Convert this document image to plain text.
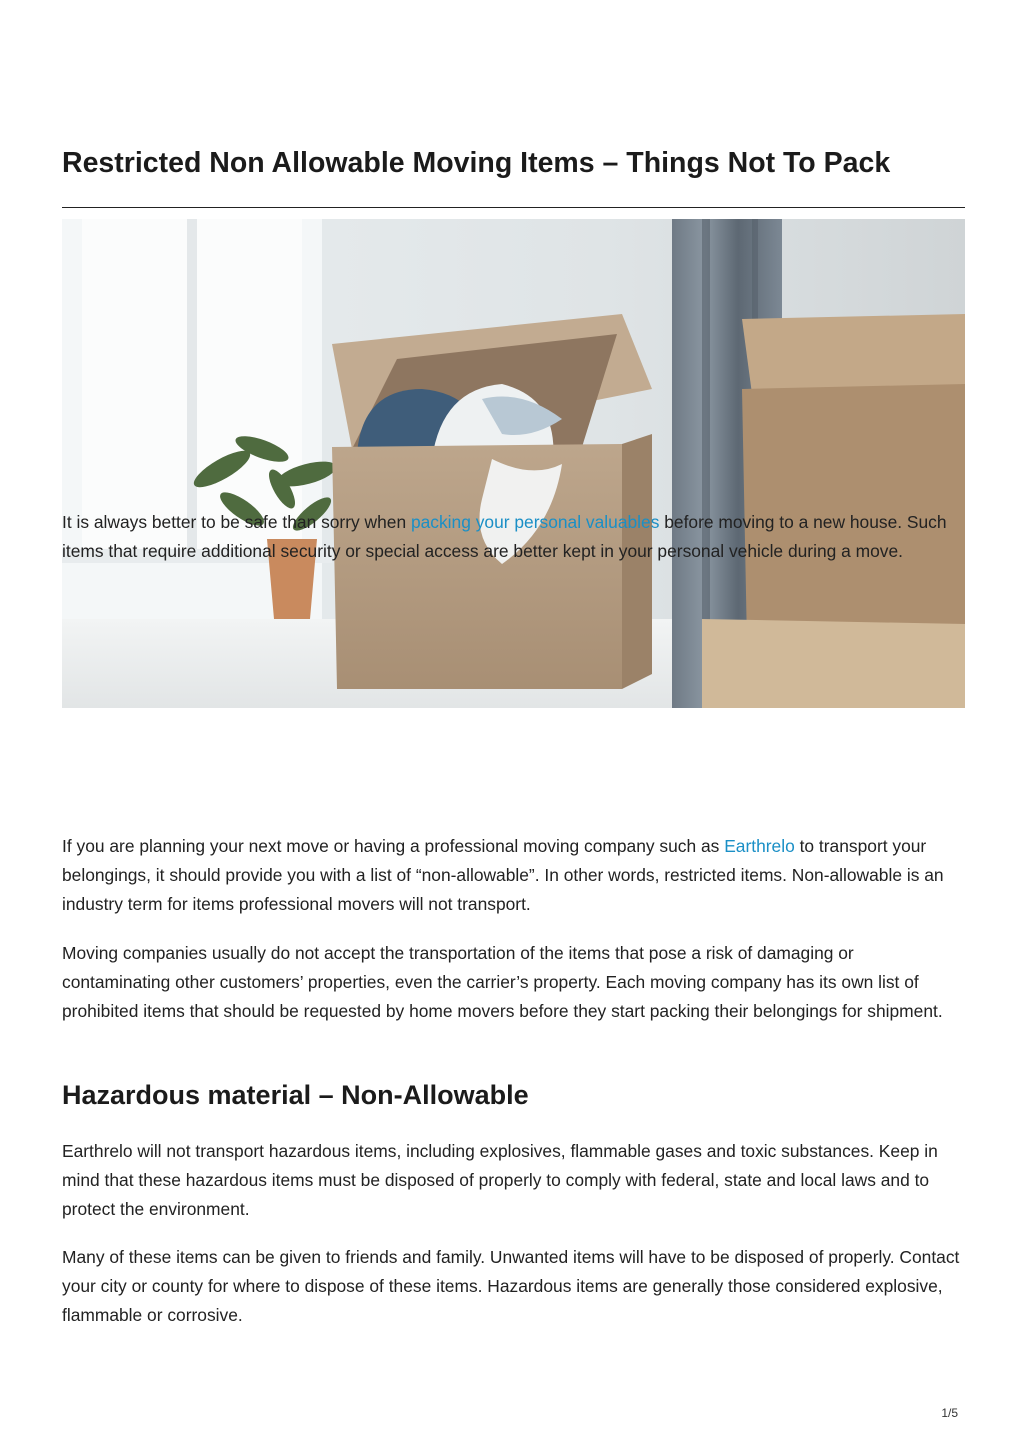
Restricted Non Allowable Moving Items – Things Not To Pack

It is always better to be safe than sorry when packing your personal valuables before moving to a new house. Such items that require additional security or special access are better kept in your personal vehicle during a move.

If you are planning your next move or having a professional moving company such as Earthrelo to transport your belongings, it should provide you with a list of “non-allowable”. In other words, restricted items. Non-allowable is an industry term for items professional movers will not transport.

Moving companies usually do not accept the transportation of the items that pose a risk of damaging or contaminating other customers’ properties, even the carrier’s property. Each moving company has its own list of prohibited items that should be requested by home movers before they start packing their belongings for shipment.

Hazardous material – Non-Allowable

Earthrelo will not transport hazardous items, including explosives, flammable gases and toxic substances. Keep in mind that these hazardous items must be disposed of properly to comply with federal, state and local laws and to protect the environment.

Many of these items can be given to friends and family. Unwanted items will have to be disposed of properly. Contact your city or county for where to dispose of these items. Hazardous items are generally those considered explosive, flammable or corrosive.

1/5
